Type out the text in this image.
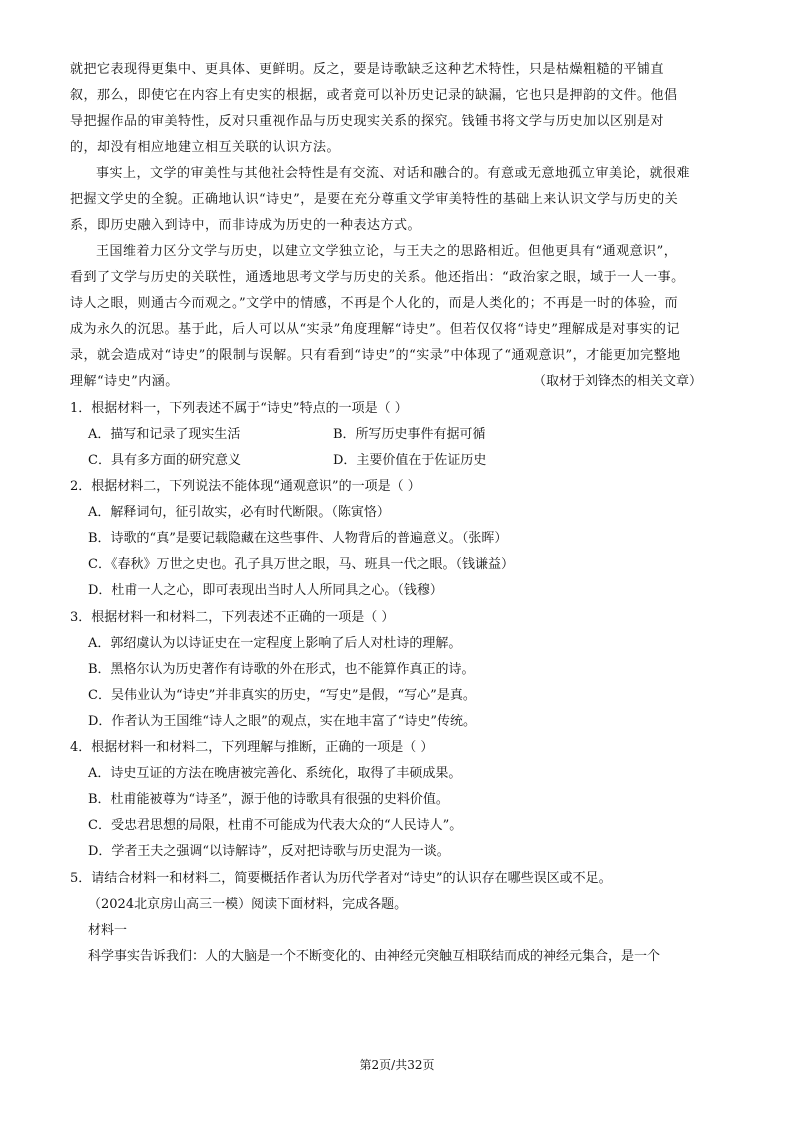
就把它表现得更集中、更具体、更鲜明。反之，要是诗歌缺乏这种艺术特性，只是枯燥粗糙的平铺直叙，那么，即使它在内容上有史实的根据，或者竟可以补历史记录的缺漏，它也只是押韵的文件。他倡导把握作品的审美特性，反对只重视作品与历史现实关系的探究。钱锺书将文学与历史加以区别是对的，却没有相应地建立相互关联的认识方法。

事实上，文学的审美性与其他社会特性是有交流、对话和融合的。有意或无意地孤立审美论，就很难把握文学史的全貌。正确地认识“诗史”，是要在充分尊重文学审美特性的基础上来认识文学与历史的关系，即历史融入到诗中，而非诗成为历史的一种表达方式。

王国维着力区分文学与历史，以建立文学独立论，与王夫之的思路相近。但他更具有“通观意识”，看到了文学与历史的关联性，通透地思考文学与历史的关系。他还指出：“政治家之眼，域于一人一事。诗人之眼，则通古今而观之。”文学中的情感，不再是个人化的，而是人类化的；不再是一时的体验，而成为永久的沉思。基于此，后人可以从“实录”角度理解“诗史”。但若仅仅将“诗史”理解成是对事实的记录，就会造成对“诗史”的限制与误解。只有看到“诗史”的“实录”中体现了“通观意识”，才能更加完整地理解“诗史”内涵。	（取材于刘锋杰的相关文章）
1．根据材料一，下列表述不属于“诗史”特点的一项是（ ）
A．描写和记录了现实生活	B．所写历史事件有据可循
C．具有多方面的研究意义	D．主要价值在于佐证历史
2．根据材料二，下列说法不能体现“通观意识”的一项是（ ）
A．解释词句，征引故实，必有时代断限。（陈寅恪）
B．诗歌的“真”是要记载隐藏在这些事件、人物背后的普遍意义。（张晖）
C．《春秋》万世之史也。孔子具万世之眼，马、班具一代之眼。（钱谦益）
D．杜甫一人之心，即可表现出当时人人所同具之心。（钱穆）
3．根据材料一和材料二，下列表述不正确的一项是（ ）
A．郭绍虞认为以诗证史在一定程度上影响了后人对杜诗的理解。
B．黑格尔认为历史著作有诗歌的外在形式，也不能算作真正的诗。
C．吴伟业认为“诗史”并非真实的历史，“写史”是假，“写心”是真。
D．作者认为王国维“诗人之眼”的观点，实在地丰富了“诗史”传统。
4．根据材料一和材料二，下列理解与推断，正确的一项是（ ）
A．诗史互证的方法在晚唐被完善化、系统化，取得了丰硕成果。
B．杜甫能被尊为“诗圣”，源于他的诗歌具有很强的史料价值。
C．受忠君思想的局限，杜甫不可能成为代表大众的“人民诗人”。
D．学者王夫之强调“以诗解诗”，反对把诗歌与历史混为一谈。
5．请结合材料一和材料二，简要概括作者认为历代学者对“诗史”的认识存在哪些误区或不足。
（2024北京房山高三一模）阅读下面材料，完成各题。
材料一
科学事实告诉我们：人的大脑是一个不断变化的、由神经元突触互相联结而成的神经元集合，是一个
第2页/共32页
